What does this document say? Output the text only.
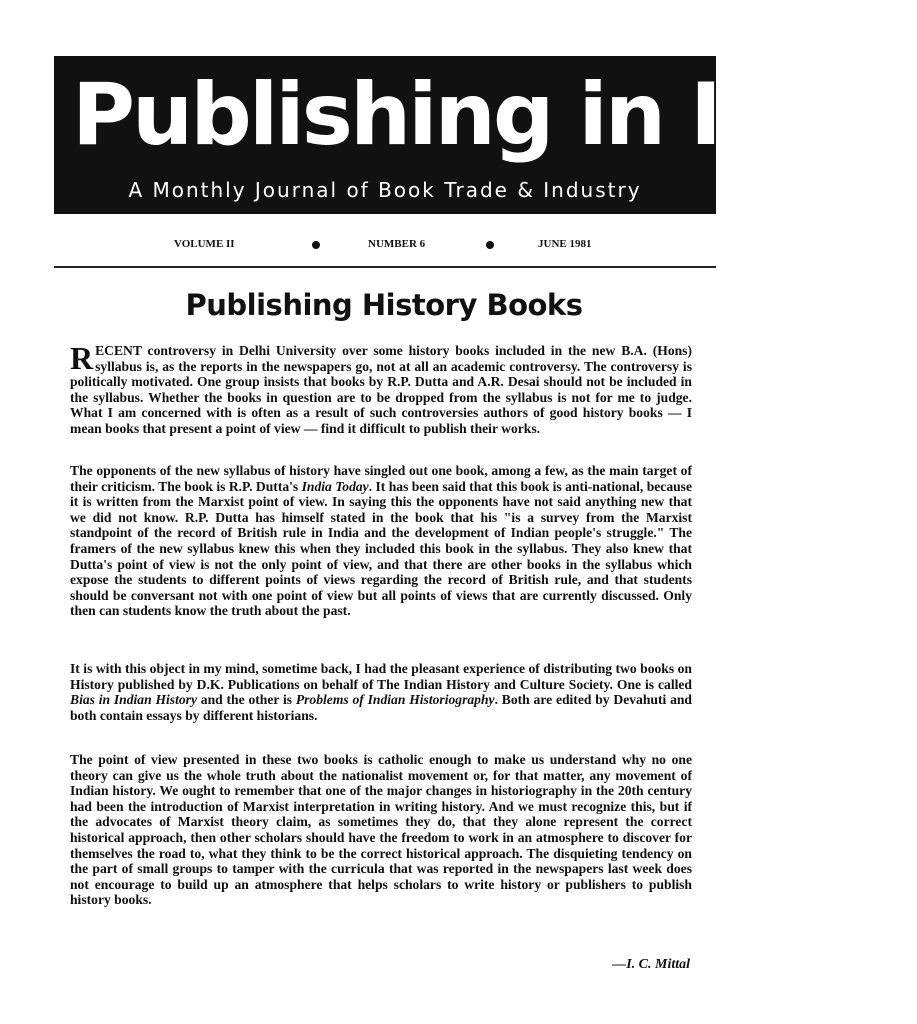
Publishing in India
A Monthly Journal of Book Trade & Industry
VOLUME II	NUMBER 6	JUNE 1981
Publishing History Books

RECENT controversy in Delhi University over some history books included in the new B.A. (Hons) syllabus is, as the reports in the newspapers go, not at all an academic controversy. The controversy is politically motivated. One group insists that books by R.P. Dutta and A.R. Desai should not be included in the syllabus. Whether the books in question are to be dropped from the syllabus is not for me to judge. What I am concerned with is often as a result of such controversies authors of good history books — I mean books that present a point of view — find it difficult to publish their works.

The opponents of the new syllabus of history have singled out one book, among a few, as the main target of their criticism. The book is R.P. Dutta's India Today. It has been said that this book is anti-national, because it is written from the Marxist point of view. In saying this the opponents have not said anything new that we did not know. R.P. Dutta has himself stated in the book that his "is a survey from the Marxist standpoint of the record of British rule in India and the development of Indian people's struggle." The framers of the new syllabus knew this when they included this book in the syllabus. They also knew that Dutta's point of view is not the only point of view, and that there are other books in the syllabus which expose the students to different points of views regarding the record of British rule, and that students should be conversant not with one point of view but all points of views that are currently discussed. Only then can students know the truth about the past.

It is with this object in my mind, sometime back, I had the pleasant experience of distributing two books on History published by D.K. Publications on behalf of The Indian History and Culture Society. One is called Bias in Indian History and the other is Problems of Indian Historiography. Both are edited by Devahuti and both contain essays by different historians.

The point of view presented in these two books is catholic enough to make us understand why no one theory can give us the whole truth about the nationalist movement or, for that matter, any movement of Indian history. We ought to remember that one of the major changes in historiography in the 20th century had been the introduction of Marxist interpretation in writing history. And we must recognize this, but if the advocates of Marxist theory claim, as sometimes they do, that they alone represent the correct historical approach, then other scholars should have the freedom to work in an atmosphere to discover for themselves the road to, what they think to be the correct historical approach. The disquieting tendency on the part of small groups to tamper with the curricula that was reported in the newspapers last week does not encourage to build up an atmosphere that helps scholars to write history or publishers to publish history books.

—I. C. Mittal
